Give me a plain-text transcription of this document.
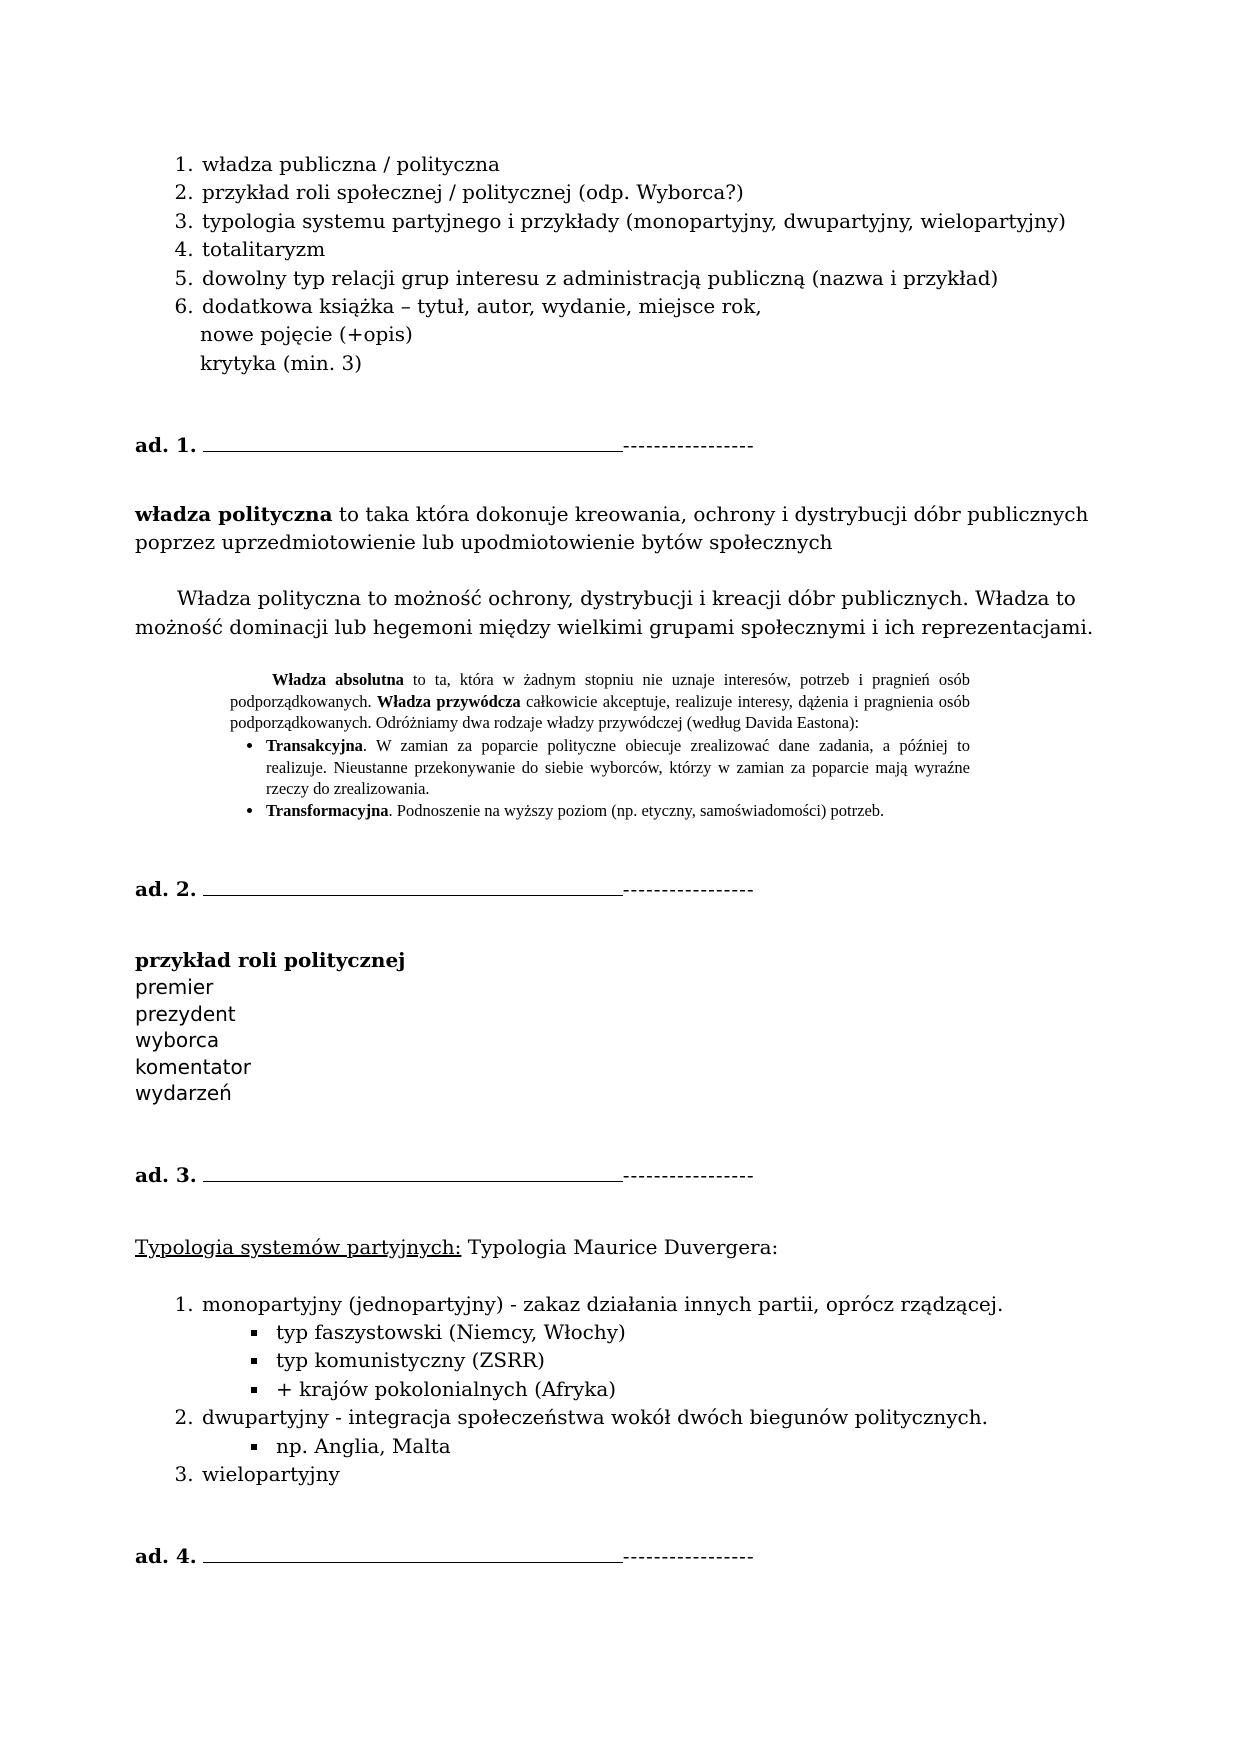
1. władza publiczna / polityczna
2. przykład roli społecznej / politycznej (odp. Wyborca?)
3. typologia systemu partyjnego i przykłady (monopartyjny, dwupartyjny, wielopartyjny)
4. totalitaryzm
5. dowolny typ relacji grup interesu z administracją publiczną (nazwa i przykład)
6. dodatkowa książka – tytuł, autor, wydanie, miejsce rok,
nowe pojęcie (+opis)
krytyka (min. 3)
ad. 1.	-----------------
władza polityczna to taka która dokonuje kreowania, ochrony i dystrybucji dóbr publicznych poprzez uprzedmiotowienie lub upodmiotowienie bytów społecznych
Władza polityczna to możność ochrony, dystrybucji i kreacji dóbr publicznych. Władza to możność dominacji lub hegemoni między wielkimi grupami społecznymi i ich reprezentacjami.
Władza absolutna to ta, która w żadnym stopniu nie uznaje interesów, potrzeb i pragnień osób podporządkowanych. Władza przywódcza całkowicie akceptuje, realizuje interesy, dążenia i pragnienia osób podporządkowanych. Odróżniamy dwa rodzaje władzy przywódczej (według Davida Eastona):
• Transakcyjna. W zamian za poparcie polityczne obiecuje zrealizować dane zadania, a później to realizuje. Nieustanne przekonywanie do siebie wyborców, którzy w zamian za poparcie mają wyraźne rzeczy do zrealizowania.
• Transformacyjna. Podnoszenie na wyższy poziom (np. etyczny, samoświadomości) potrzeb.
ad. 2.	-----------------
przykład roli politycznej
premier
prezydent
wyborca
komentator
wydarzeń
ad. 3.	-----------------
Typologia systemów partyjnych: Typologia Maurice Duvergera:
1. monopartyjny (jednopartyjny) - zakaz działania innych partii, oprócz rządzącej.
▪ typ faszystowski (Niemcy, Włochy)
▪ typ komunistyczny (ZSRR)
▪ + krajów pokolonialnych (Afryka)
2. dwupartyjny - integracja społeczeństwa wokół dwóch biegunów politycznych.
▪ np. Anglia, Malta
3. wielopartyjny
ad. 4.	-----------------
